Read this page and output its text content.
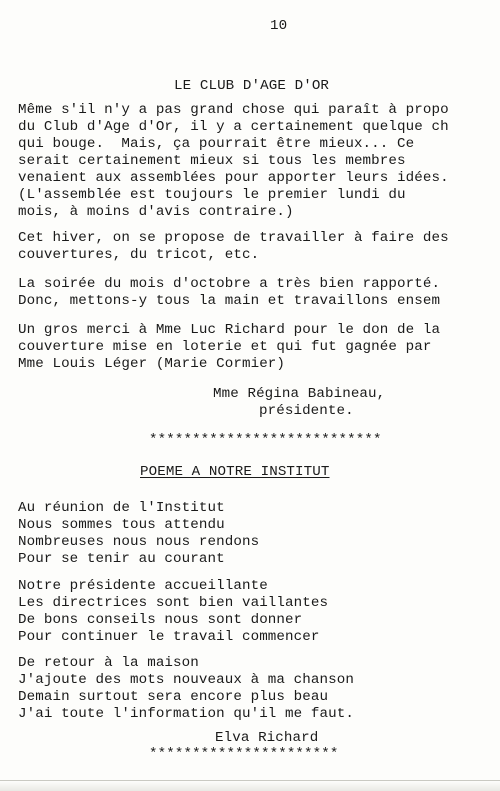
10
LE CLUB D'AGE D'OR
Même s'il n'y a pas grand chose qui paraît à propo
du Club d'Age d'Or, il y a certainement quelque ch
qui bouge.  Mais, ça pourrait être mieux... Ce
serait certainement mieux si tous les membres
venaient aux assemblées pour apporter leurs idées.
(L'assemblée est toujours le premier lundi du
mois, à moins d'avis contraire.)
Cet hiver, on se propose de travailler à faire des
couvertures, du tricot, etc.
La soirée du mois d'octobre a très bien rapporté.
Donc, mettons-y tous la main et travaillons ensem
Un gros merci à Mme Luc Richard pour le don de la
couverture mise en loterie et qui fut gagnée par
Mme Louis Léger (Marie Cormier)
Mme Régina Babineau,
présidente.
***************************
POEME A NOTRE INSTITUT
Au réunion de l'Institut
Nous sommes tous attendu
Nombreuses nous nous rendons
Pour se tenir au courant
Notre présidente accueillante
Les directrices sont bien vaillantes
De bons conseils nous sont donner
Pour continuer le travail commencer
De retour à la maison
J'ajoute des mots nouveaux à ma chanson
Demain surtout sera encore plus beau
J'ai toute l'information qu'il me faut.
Elva Richard
**********************
